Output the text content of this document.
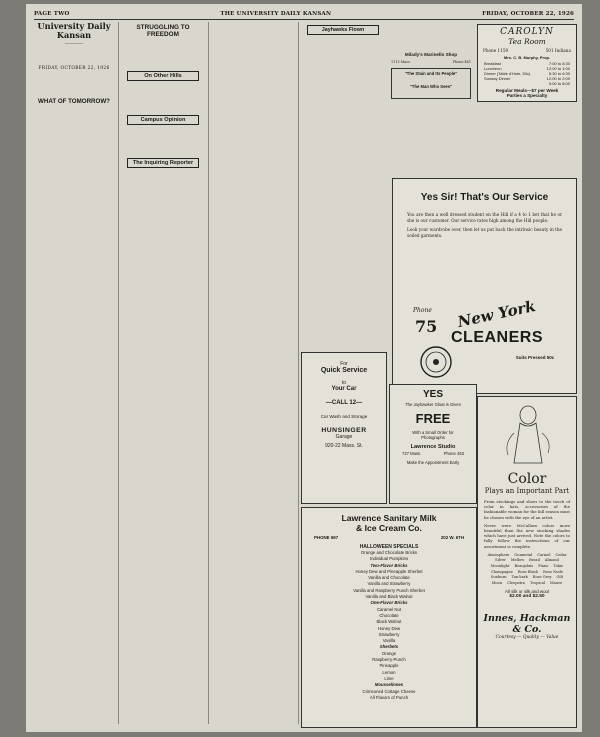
PAGE TWO	THE UNIVERSITY DAILY KANSAN	FRIDAY, OCTOBER 22, 1926
University Daily Kansan
─────────

FRIDAY, OCTOBER 22, 1926

WHAT OF TOMORROW?

STRUGGLING TO FREEDOM

On Other Hills

Campus Opinion

The Inquiring Reporter

Jayhawks Flown

Milady's Marinello Shop
1115 Mass.	Phone 461
"The Stain and Its People"

"The Man Who Sees"

CAROLYN
Tea Room
Phone 1159	501 Indiana
Mrs. C. B. Murphy, Prop.
Breakfast	7:00 to 8:30
Luncheon	12:00 to 1:00
Dinner (Table d'Hote, 50c)	5:30 to 6:30
Sunday Dinner	12:00 to 2:00
5:00 to 8:00
Regular Meals—$7 per Week
Parties a Specialty
Yes Sir! That's Our Service
You are then a well dressed student on the Hill if a 4 to 1 bet that he or she is our customer. Our service rates high among the Hill people.
Look your wardrobe over, then let us put back the intrinsic beauty in the soiled garments.
Phone
75 New York
CLEANERS
Suits Pressed 50c
For
Quick Service
to
Your Car
—CALL 12—
Car Wash and Storage
HUNSINGER
Garage
920-22 Mass. St.
YES
The Jayhawker Gloat is Given
FREE
With a Small Order for Photographs
Lawrence Studio
727 Mass.	Phone 453
Make the Appointment Early
Lawrence Sanitary Milk
& Ice Cream Co.
PHONE 697	202 W. 6TH
HALLOWEEN SPECIALS
Orange and Chocolate Bricks
Individual Pumpkins
Two-Flavor Bricks
Honey Dew and Pineapple Sherbet
Vanilla and Chocolate
Vanilla and Strawberry
Vanilla and Raspberry Punch Sherbet
Vanilla and Black Walnut
One-Flavor Bricks
Caramel Nut
Chocolate
Black Walnut
Honey Dew
Strawberry
Vanilla
Sherbets
Orange
Raspberry-Punch
Pineapple
Lemon
Lime
Mousselinnes
Crimsoned Cottage Cheese
All Flavors of Punch
Color
Plays an Important Part
From stockings and shoes to the touch of color in hats, accessories of the fashionable woman for the fall season must be chosen with the eye of an artist.
Never were McCallum colors more beautiful than the new stocking shades which have just arrived. Note the colors to fully follow the instructions of our assortment is complete.
Atmosphere Gunmetal Carmel Cedar
Silver Mellow Brazil Almond
Moonlight Beaujolais Piano Tokio
Champagne Rose Blush Rose Nude
Sunburn Tan-bark Rose Grey Gilt
Moon Cleopatra Tropical Mauve
All silk or silk and wool
$2.00 and $2.50
Innes, Hackman & Co.
Courtesy — Quality — Value
